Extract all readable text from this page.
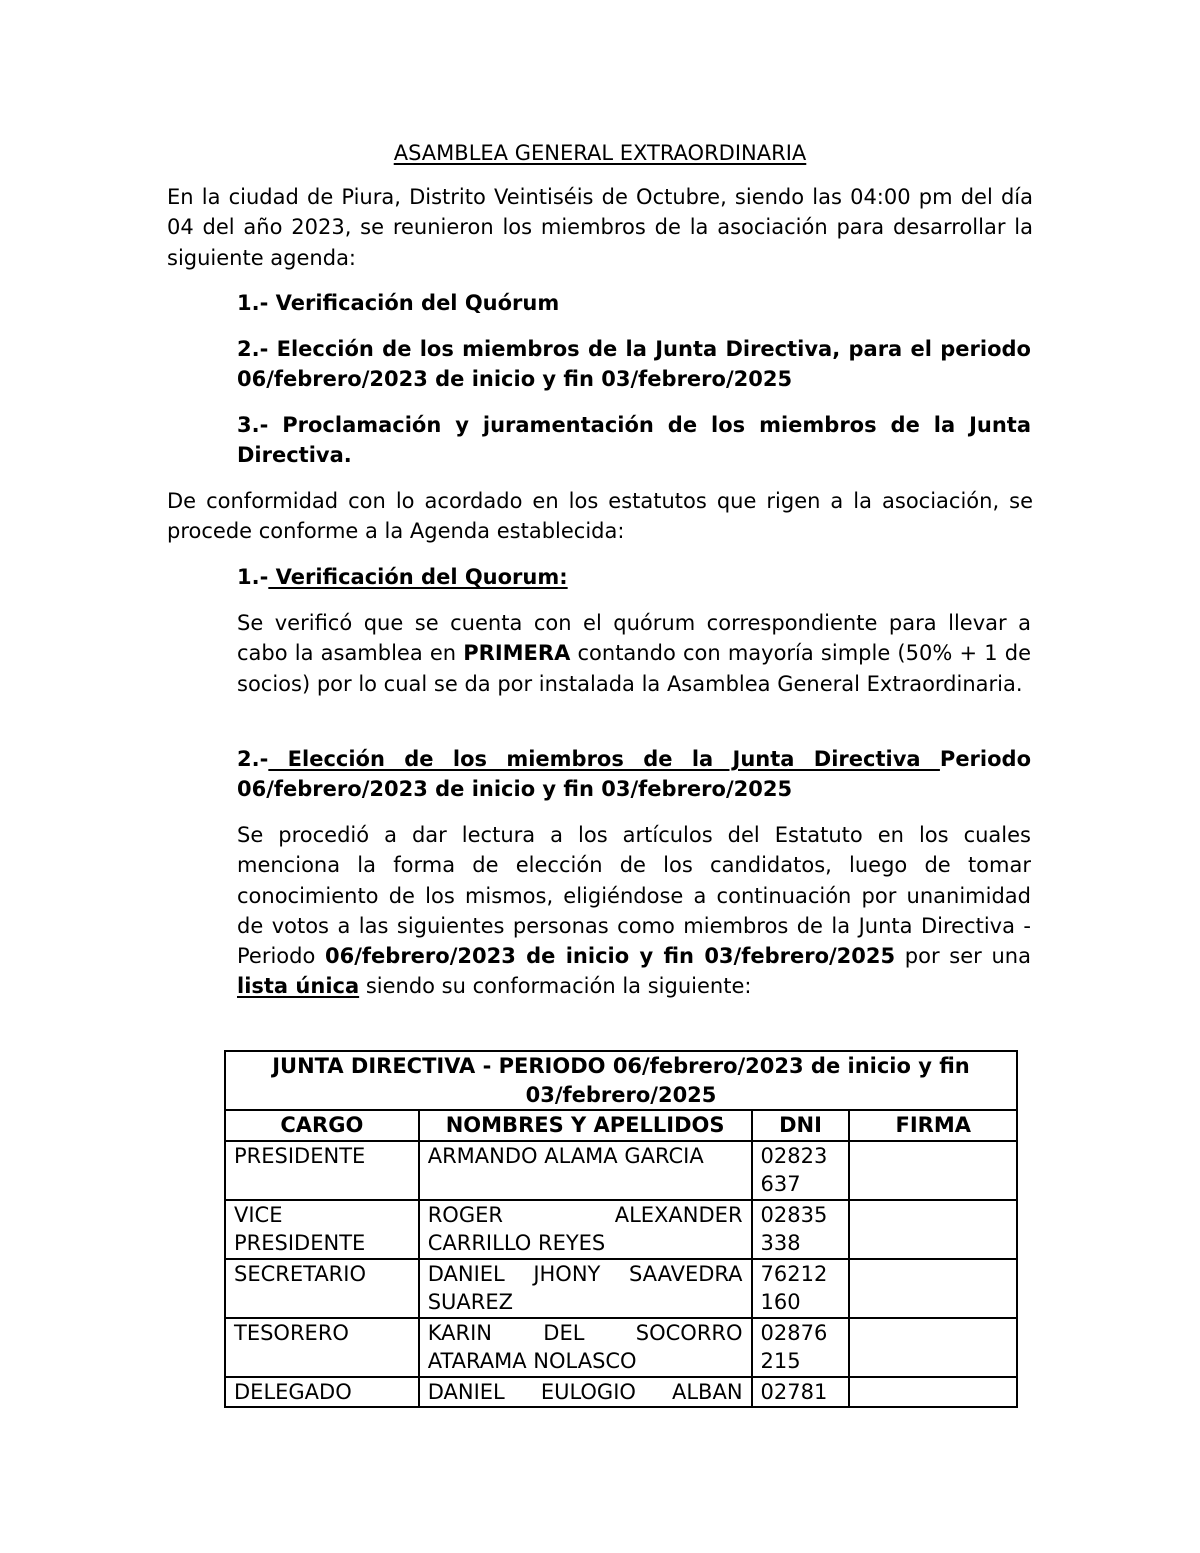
ASAMBLEA GENERAL EXTRAORDINARIA

En la ciudad de Piura, Distrito Veintiséis de Octubre, siendo las 04:00 pm del día 04 del año 2023, se reunieron los miembros de la asociación para desarrollar la siguiente agenda:

1.- Verificación del Quórum

2.- Elección de los miembros de la Junta Directiva, para el periodo 06/febrero/2023 de inicio y fin 03/febrero/2025

3.- Proclamación y juramentación de los miembros de la Junta Directiva.

De conformidad con lo acordado en los estatutos que rigen a la asociación, se procede conforme a la Agenda establecida:

1.- Verificación del Quorum:

Se verificó que se cuenta con el quórum correspondiente para llevar a cabo la asamblea en PRIMERA contando con mayoría simple (50% + 1 de socios) por lo cual se da por instalada la Asamblea General Extraordinaria.

2.- Elección de los miembros de la Junta Directiva Periodo 06/febrero/2023 de inicio y fin 03/febrero/2025

Se procedió a dar lectura a los artículos del Estatuto en los cuales menciona la forma de elección de los candidatos, luego de tomar conocimiento de los mismos, eligiéndose a continuación por unanimidad de votos a las siguientes personas como miembros de la Junta Directiva - Periodo 06/febrero/2023 de inicio y fin 03/febrero/2025 por ser una lista única siendo su conformación la siguiente:

JUNTA DIRECTIVA - PERIODO 06/febrero/2023 de inicio y fin 03/febrero/2025			
CARGO	NOMBRES Y APELLIDOS	DNI	FIRMA
PRESIDENTE	ARMANDO ALAMA GARCIA	02823 637	
VICE PRESIDENTE	ROGER ALEXANDER CARRILLO REYES	02835 338	
SECRETARIO	DANIEL JHONY SAAVEDRA SUAREZ	76212 160	
TESORERO	KARIN DEL SOCORRO ATARAMA NOLASCO	02876 215	
DELEGADO	DANIEL EULOGIO ALBAN	02781	
